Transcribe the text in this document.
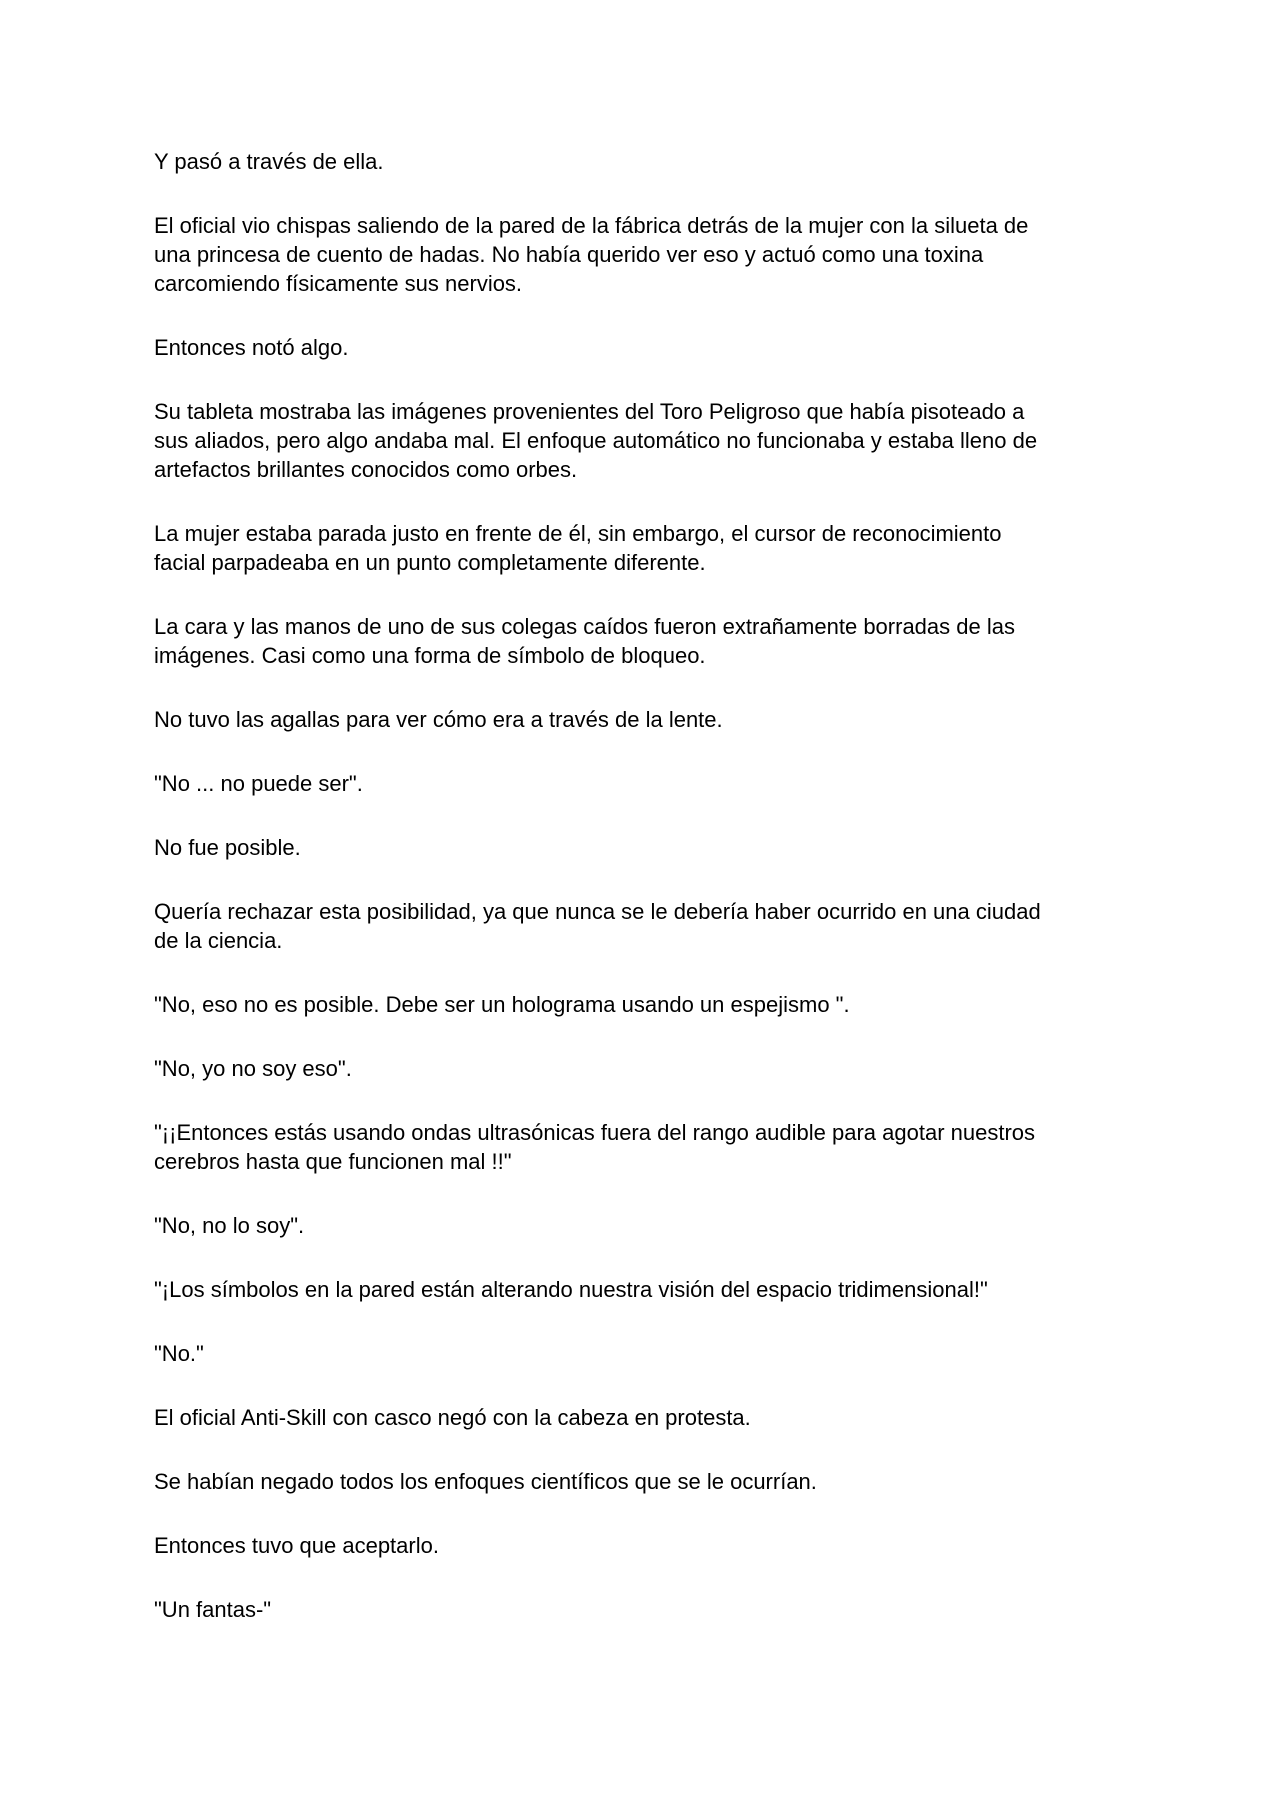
Y pasó a través de ella.
El oficial vio chispas saliendo de la pared de la fábrica detrás de la mujer con la silueta de
una princesa de cuento de hadas. No había querido ver eso y actuó como una toxina
carcomiendo físicamente sus nervios.
Entonces notó algo.
Su tableta mostraba las imágenes provenientes del Toro Peligroso que había pisoteado a
sus aliados, pero algo andaba mal. El enfoque automático no funcionaba y estaba lleno de
artefactos brillantes conocidos como orbes.
La mujer estaba parada justo en frente de él, sin embargo, el cursor de reconocimiento
facial parpadeaba en un punto completamente diferente.
La cara y las manos de uno de sus colegas caídos fueron extrañamente borradas de las
imágenes. Casi como una forma de símbolo de bloqueo.
No tuvo las agallas para ver cómo era a través de la lente.
"No ... no puede ser".
No fue posible.
Quería rechazar esta posibilidad, ya que nunca se le debería haber ocurrido en una ciudad
de la ciencia.
"No, eso no es posible. Debe ser un holograma usando un espejismo ".
"No, yo no soy eso".
"¡¡Entonces estás usando ondas ultrasónicas fuera del rango audible para agotar nuestros
cerebros hasta que funcionen mal !!"
"No, no lo soy".
"¡Los símbolos en la pared están alterando nuestra visión del espacio tridimensional!"
"No."
El oficial Anti-Skill con casco negó con la cabeza en protesta.
Se habían negado todos los enfoques científicos que se le ocurrían.
Entonces tuvo que aceptarlo.
"Un fantas-"
